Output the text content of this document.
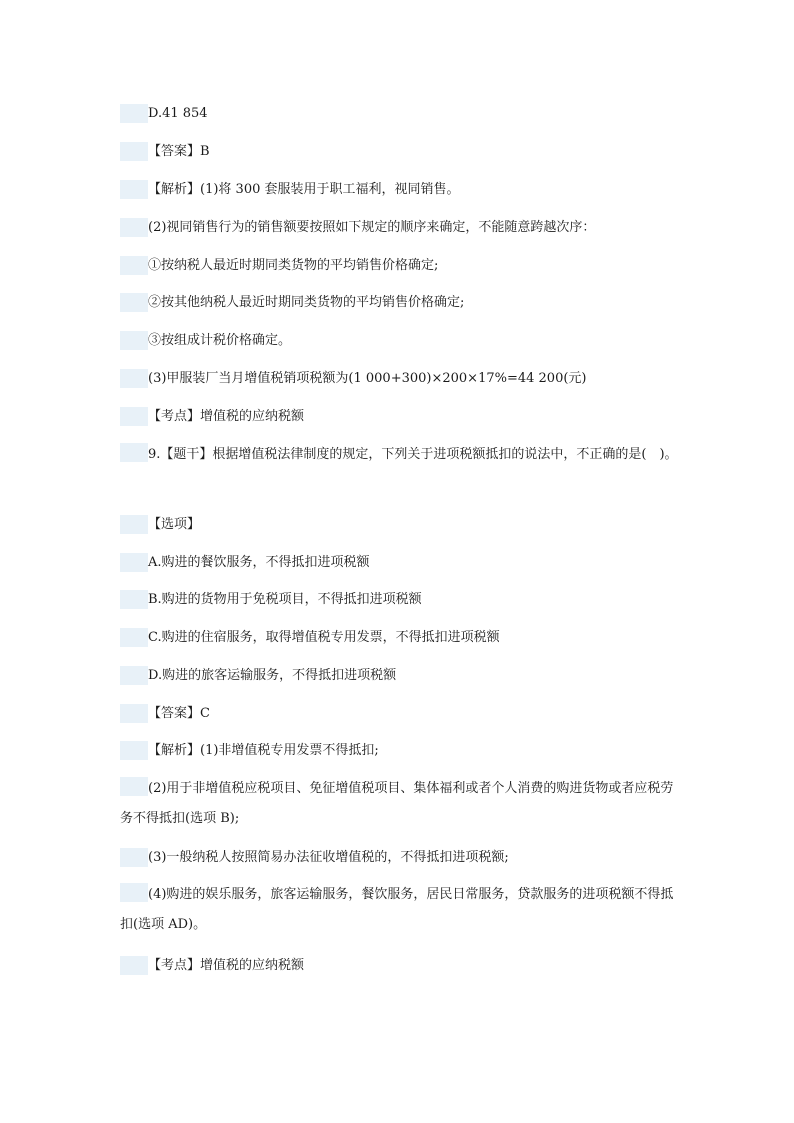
D.41 854
【答案】B
【解析】(1)将 300 套服装用于职工福利，视同销售。
(2)视同销售行为的销售额要按照如下规定的顺序来确定，不能随意跨越次序：
①按纳税人最近时期同类货物的平均销售价格确定;
②按其他纳税人最近时期同类货物的平均销售价格确定;
③按组成计税价格确定。
(3)甲服装厂当月增值税销项税额为(1 000+300)×200×17%=44 200(元)
【考点】增值税的应纳税额
9.【题干】根据增值税法律制度的规定，下列关于进项税额抵扣的说法中，不正确的是(　)。
【选项】
A.购进的餐饮服务，不得抵扣进项税额
B.购进的货物用于免税项目，不得抵扣进项税额
C.购进的住宿服务，取得增值税专用发票，不得抵扣进项税额
D.购进的旅客运输服务，不得抵扣进项税额
【答案】C
【解析】(1)非增值税专用发票不得抵扣;
(2)用于非增值税应税项目、免征增值税项目、集体福利或者个人消费的购进货物或者应税劳务不得抵扣(选项 B);
(3)一般纳税人按照简易办法征收增值税的，不得抵扣进项税额;
(4)购进的娱乐服务，旅客运输服务，餐饮服务，居民日常服务，贷款服务的进项税额不得抵扣(选项 AD)。
【考点】增值税的应纳税额
